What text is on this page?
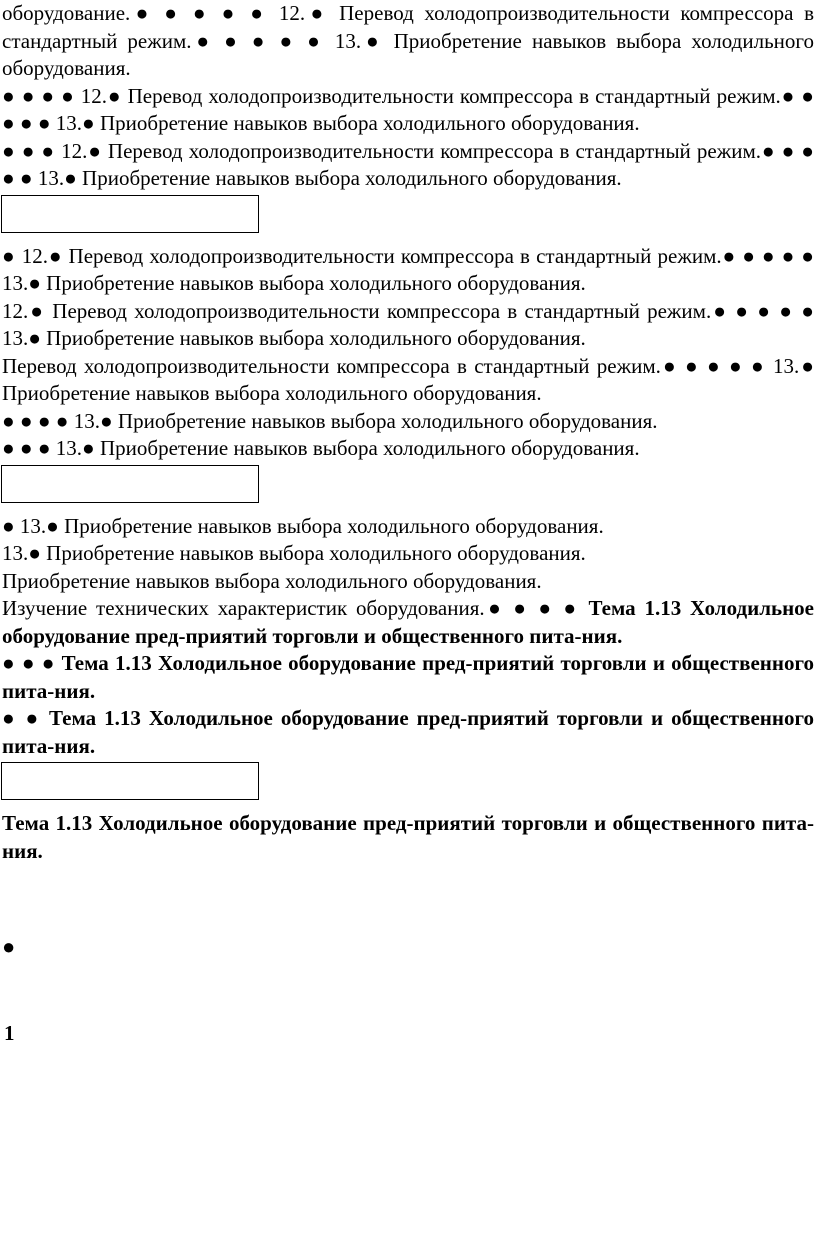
оборудование.● ● ● ● ● 12.● Перевод холодопроизводительности компрессора в стандартный режим.● ● ● ● ● 13.● Приобретение навыков выбора холодильного оборудования.

● ● ● ● 12.● Перевод холодопроизводительности компрессора в стандартный режим.● ● ● ● ● 13.● Приобретение навыков выбора холодильного оборудования.

● ● ● 12.● Перевод холодопроизводительности компрессора в стандартный режим.● ● ● ● ● 13.● Приобретение навыков выбора холодильного оборудования.

● 12.● Перевод холодопроизводительности компрессора в стандартный режим.● ● ● ● ● 13.● Приобретение навыков выбора холодильного оборудования.

12.● Перевод холодопроизводительности компрессора в стандартный режим.● ● ● ● ● 13.● Приобретение навыков выбора холодильного оборудования.

Перевод холодопроизводительности компрессора в стандартный режим.● ● ● ● ● 13.● Приобретение навыков выбора холодильного оборудования.

● ● ● ● 13.● Приобретение навыков выбора холодильного оборудования.

● ● ● 13.● Приобретение навыков выбора холодильного оборудования.

● 13.● Приобретение навыков выбора холодильного оборудования.

13.● Приобретение навыков выбора холодильного оборудования.

Приобретение навыков выбора холодильного оборудования.

Изучение технических характеристик оборудования.● ● ● ● Тема 1.13 Холодильное оборудование пред-приятий торговли и общественного пита-ния.

● ● ● Тема 1.13 Холодильное оборудование пред-приятий торговли и общественного пита-ния.

● ● Тема 1.13 Холодильное оборудование пред-приятий торговли и общественного пита-ния.

Тема 1.13 Холодильное оборудование пред-приятий торговли и общественного пита-ния.

●
1
